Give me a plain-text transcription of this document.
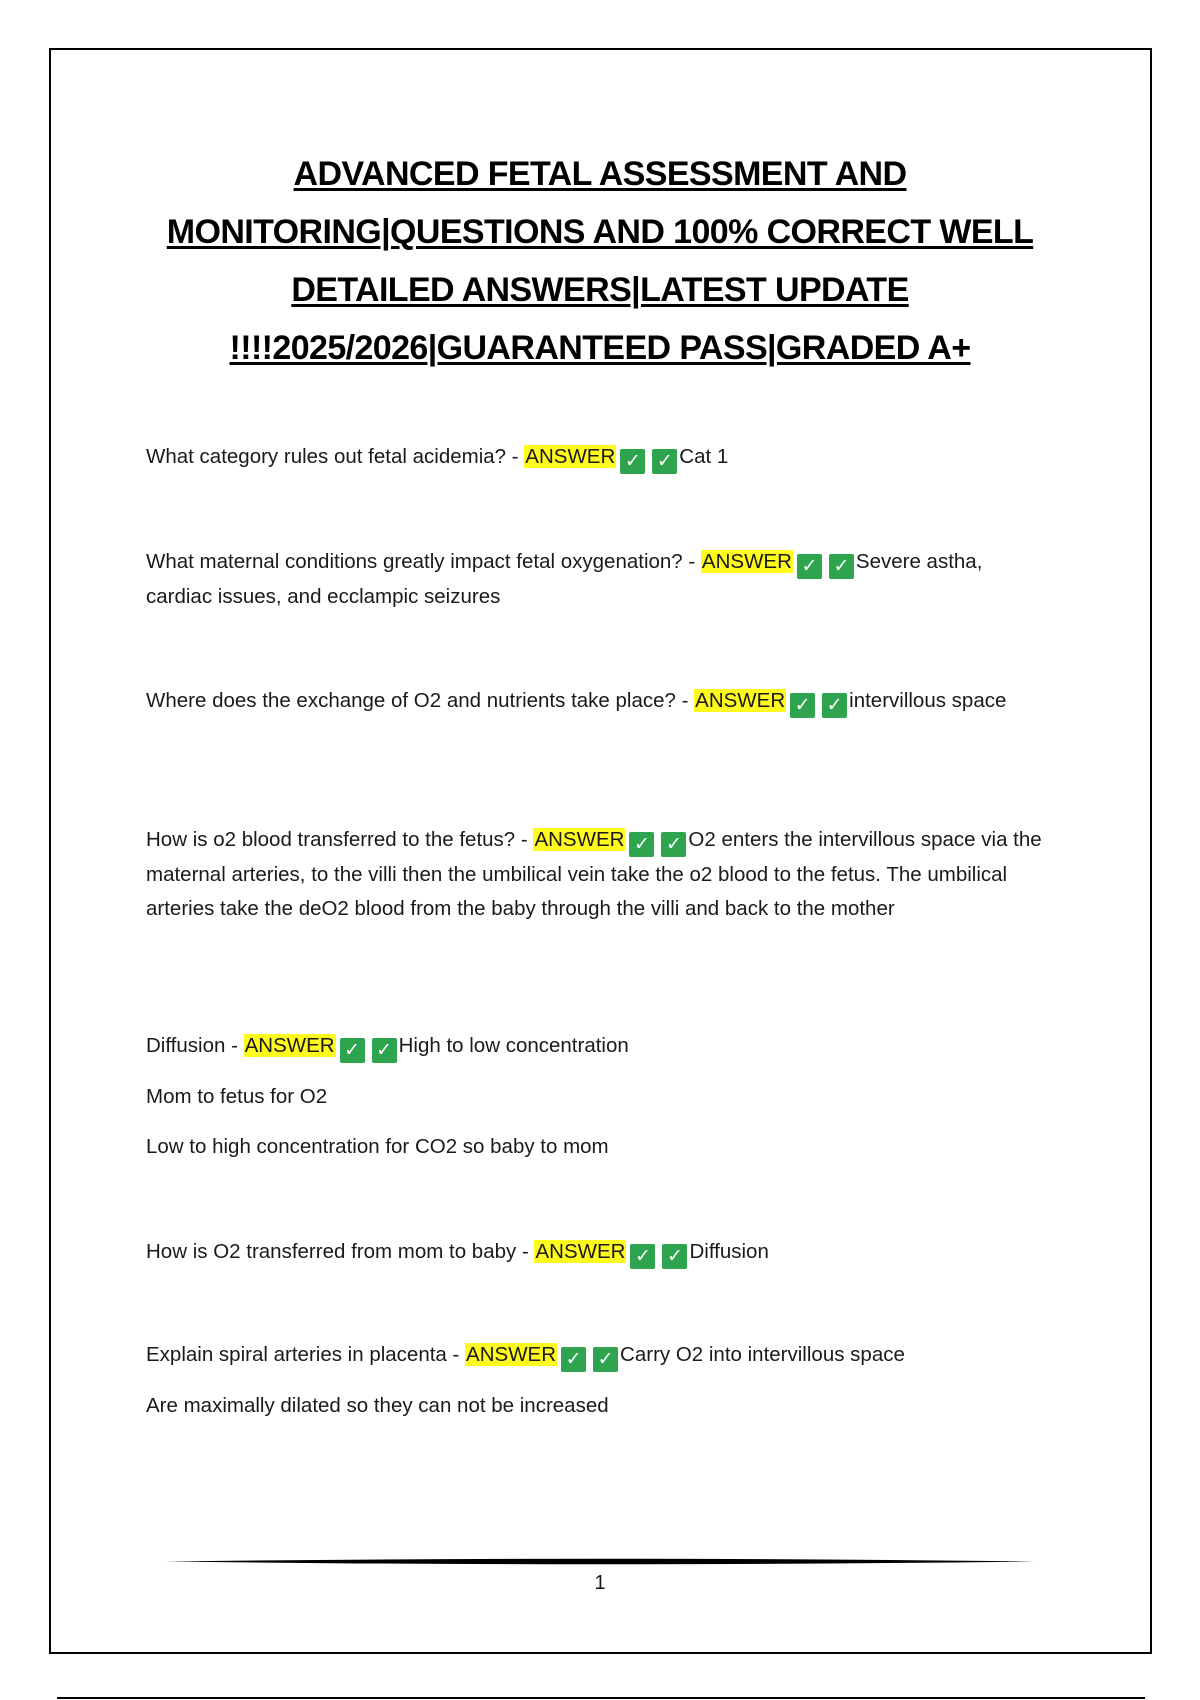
ADVANCED FETAL ASSESSMENT AND
MONITORING|QUESTIONS AND 100% CORRECT WELL
DETAILED ANSWERS|LATEST UPDATE
!!!!2025/2026|GUARANTEED PASS|GRADED A+

What category rules out fetal acidemia? - ANSWER ✓ ✓ Cat 1

What maternal conditions greatly impact fetal oxygenation? - ANSWER ✓ ✓ Severe astha, cardiac issues, and ecclampic seizures

Where does the exchange of O2 and nutrients take place? - ANSWER ✓ ✓ intervillous space

How is o2 blood transferred to the fetus? - ANSWER ✓ ✓ O2 enters the intervillous space via the maternal arteries, to the villi then the umbilical vein take the o2 blood to the fetus. The umbilical arteries take the deO2 blood from the baby through the villi and back to the mother

Diffusion - ANSWER ✓ ✓ High to low concentration

Mom to fetus for O2

Low to high concentration for CO2 so baby to mom

How is O2 transferred from mom to baby - ANSWER ✓ ✓ Diffusion

Explain spiral arteries in placenta - ANSWER ✓ ✓ Carry O2 into intervillous space

Are maximally dilated so they can not be increased

1
